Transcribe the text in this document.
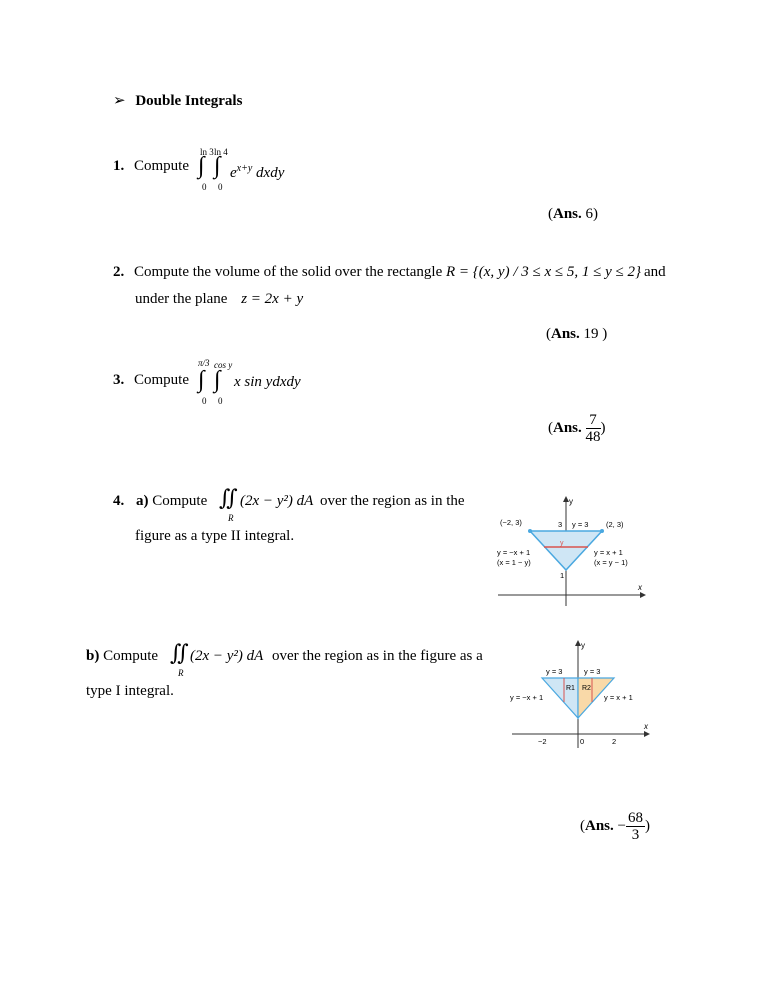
➢ Double Integrals
1. Compute
ln 3 ln 4
∫ ∫
0 0
$e^{x+y}$ dxdy
(Ans. 6)
2. Compute the volume of the solid over the rectangle R = {(x, y) / 3 ≤ x ≤ 5, 1 ≤ y ≤ 2} and
under the plane z = 2x + y
(Ans. 19 )
3. Compute
π/3 cos y
∫ ∫
0 0
x sin ydxdy
(Ans. $\frac{7}{48}$ )
4. a) Compute ∬
R
(2x − y²) dA over the region as in the
figure as a type II integral.
y
x
(−2, 3)	3 y = 3 (2, 3)
y
1
y = −x + 1
(x = 1 − y)
y = x + 1
(x = y − 1)
b) Compute ∬
R
(2x − y²) dA over the region as in the figure as a
type I integral.
y
x
y = 3	y = 3
R1 R2
y = −x + 1	y = x + 1
−2	0	2
(Ans. − $\frac{68}{3}$ )
